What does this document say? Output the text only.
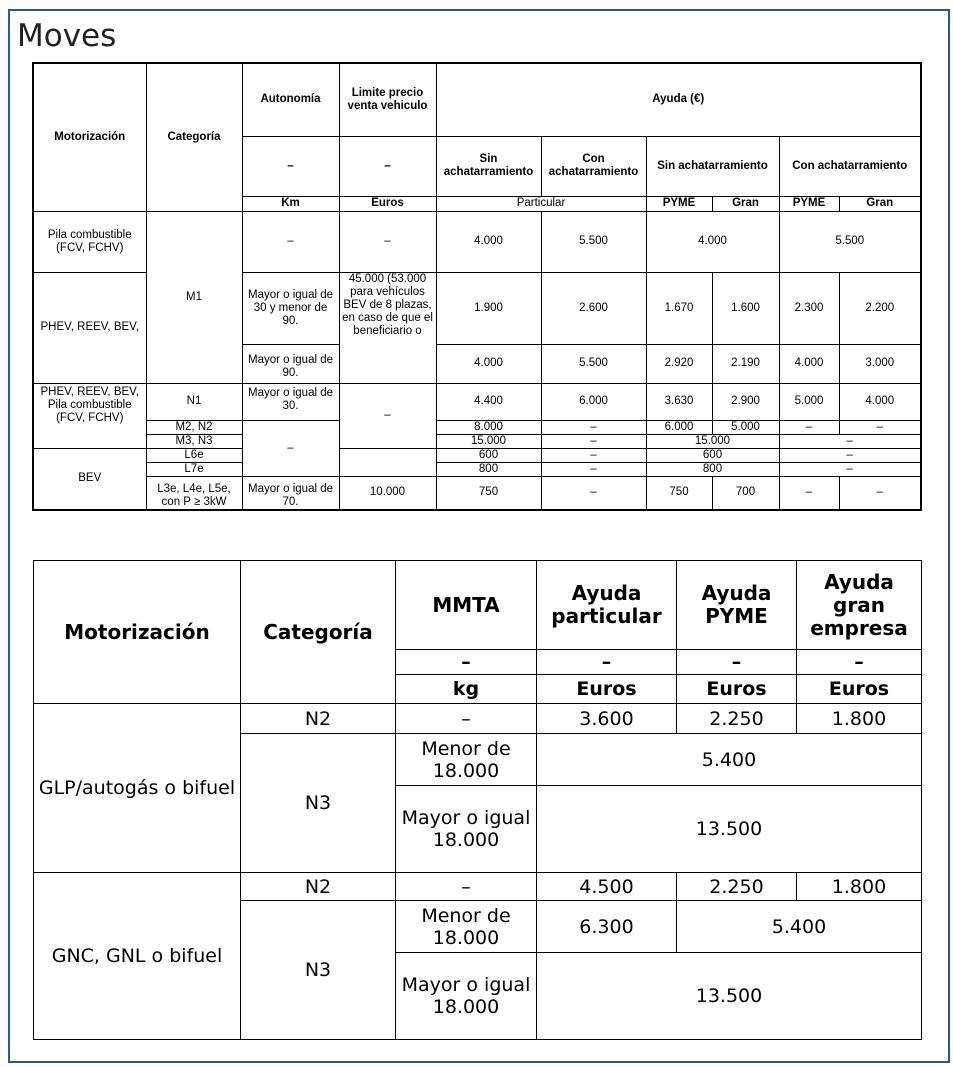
Moves
Motorización	Categoría	Autonomía	Limite precio venta vehiculo	Ayuda (€)					
		–	–	Sin achatarramiento	Con achatarramiento	Sin achatarramiento		Con achatarramiento	
		Km	Euros	Particular		PYME	Gran	PYME	Gran
Pila combustible (FCV, FCHV)	M1	–	–	4.000	5.500	4.000		5.500	
PHEV, REEV, BEV,		Mayor o igual de 30 y menor de 90.	45.000 (53.000 para vehículos BEV de 8 plazas, en caso de que el beneficiario o	1.900	2.600	1.670	1.600	2.300	2.200

		Mayor o igual de 90.		4.000	5.500	2.920	2.190	4.000	3.000

PHEV, REEV, BEV, Pila combustible (FCV, FCHV)	N1	Mayor o igual de 30.	–	4.400	6.000	3.630	2.900	5.000	4.000
	M2, N2	–		8.000	–	6.000	5.000	–	–
	M3, N3			15.000	–	15.000		–	
BEV	L6e			600	–	600		–	
	L7e			800	–	800		–	

	L3e, L4e, L5e, con P ≥ 3kW	Mayor o igual de 70.	10.000	750	–	750	700	–	–
Motorización	Categoría	MMTA	Ayuda particular	Ayuda PYME	Ayuda gran empresa
		–	–	–	–
		kg	Euros	Euros	Euros
GLP/autogás o bifuel	N2	–	3.600	2.250	1.800
	N3	Menor de 18.000	5.400		
		Mayor o igual 18.000	13.500		
GNC, GNL o bifuel	N2	–	4.500	2.250	1.800
	N3	Menor de 18.000	6.300	5.400	
		Mayor o igual 18.000	13.500		
